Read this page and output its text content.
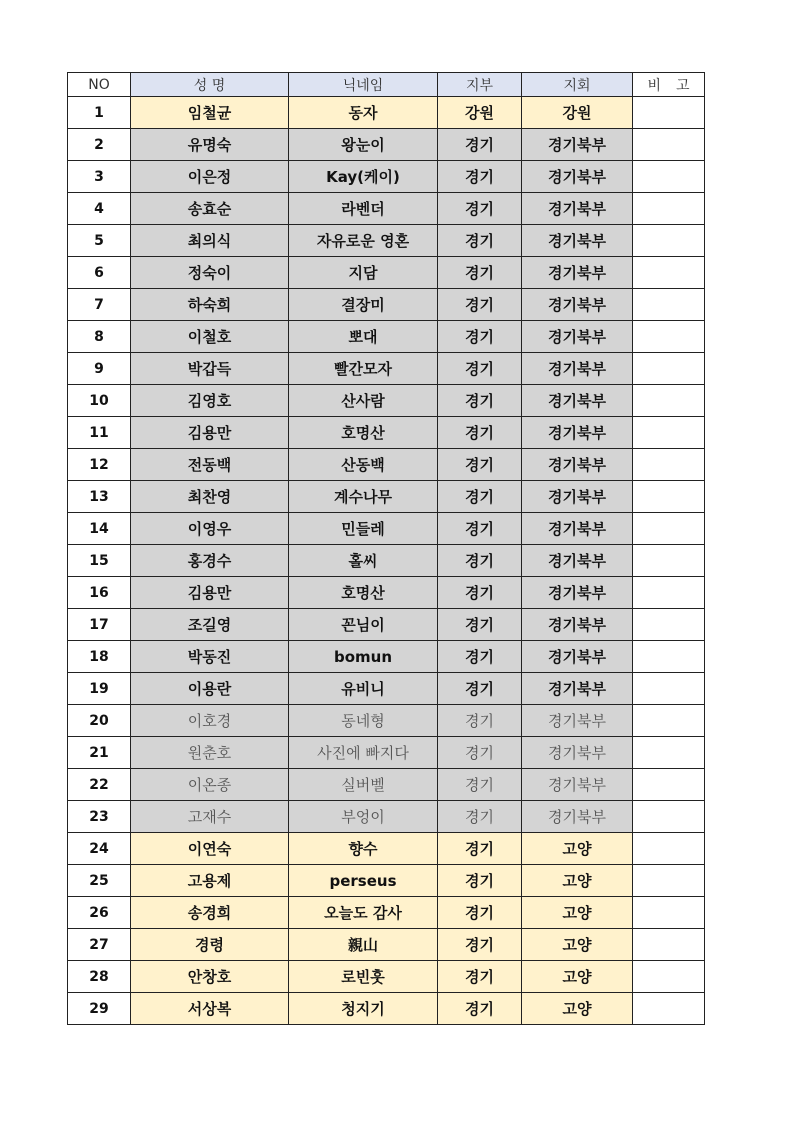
NO	성 명	닉네임	지부	지회	비 고
1	임철균	동자	강원	강원	
2	유명숙	왕눈이	경기	경기북부	
3	이은정	Kay(케이)	경기	경기북부	
4	송효순	라벤더	경기	경기북부	
5	최의식	자유로운 영혼	경기	경기북부	
6	정숙이	지담	경기	경기북부	
7	하숙희	결장미	경기	경기북부	
8	이철호	뽀대	경기	경기북부	
9	박갑득	빨간모자	경기	경기북부	
10	김영호	산사람	경기	경기북부	
11	김용만	호명산	경기	경기북부	
12	전동백	산동백	경기	경기북부	
13	최찬영	계수나무	경기	경기북부	
14	이영우	민들레	경기	경기북부	
15	홍경수	홀씨	경기	경기북부	
16	김용만	호명산	경기	경기북부	
17	조길영	꼰님이	경기	경기북부	
18	박동진	bomun	경기	경기북부	
19	이용란	유비니	경기	경기북부	
20	이호경	동네형	경기	경기북부	
21	원춘호	사진에 빠지다	경기	경기북부	
22	이온종	실버벨	경기	경기북부	
23	고재수	부엉이	경기	경기북부	
24	이연숙	향수	경기	고양	
25	고용제	perseus	경기	고양	
26	송경희	오늘도 감사	경기	고양	
27	경령	親山	경기	고양	
28	안창호	로빈훗	경기	고양	
29	서상복	청지기	경기	고양	
